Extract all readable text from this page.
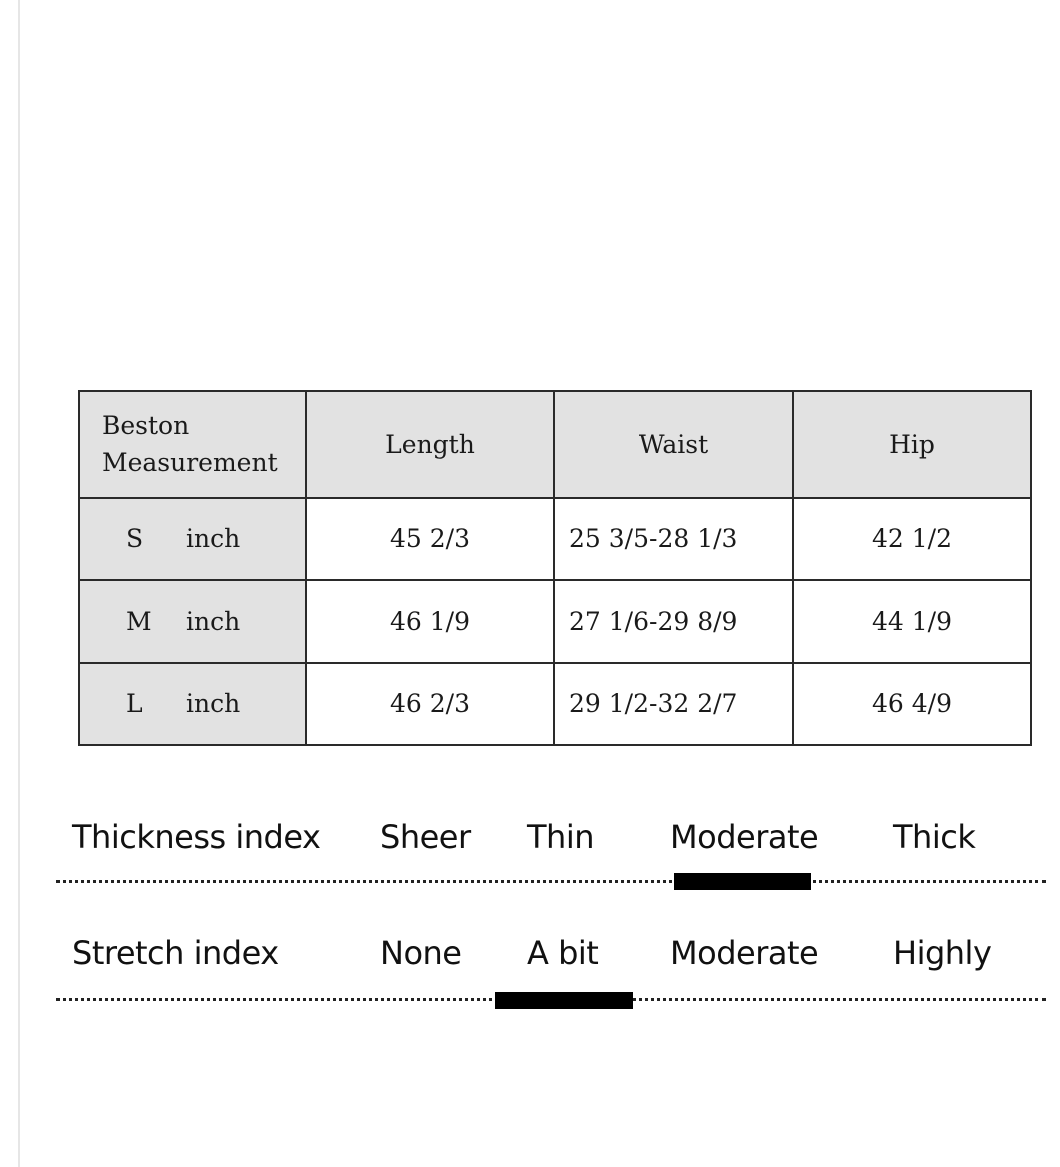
Beston
Measurement	Length	Waist	Hip
S inch	45 2/3	25 3/5-28 1/3	42 1/2
M inch	46 1/9	27 1/6-29 8/9	44 1/9
L inch	46 2/3	29 1/2-32 2/7	46 4/9
Thickness index Sheer Thin Moderate Thick
Stretch index	None A bit Moderate Highly
